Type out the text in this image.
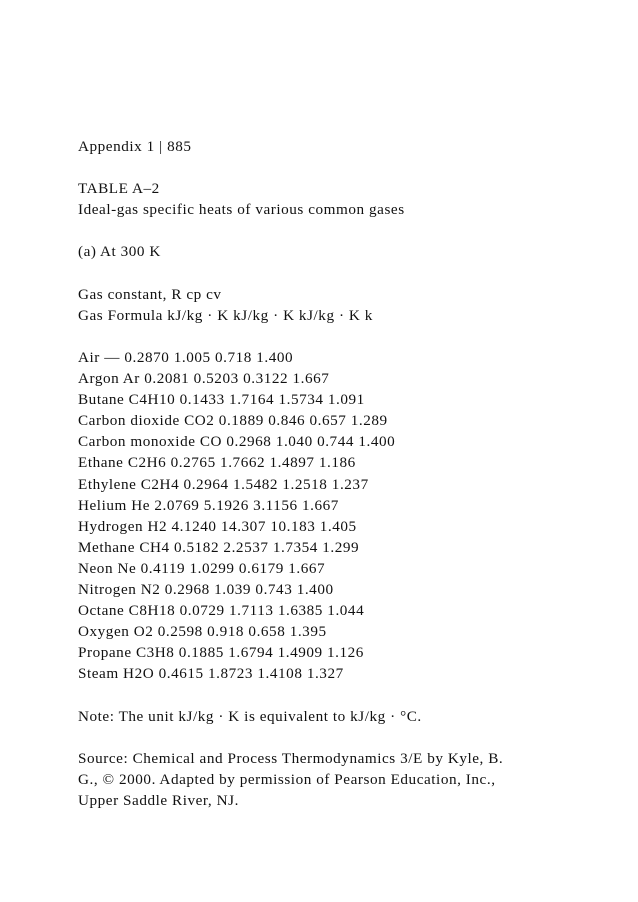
Appendix 1 | 885
TABLE A–2
Ideal-gas specific heats of various common gases
(a) At 300 K
Gas constant, R cp cv
Gas Formula kJ/kg · K kJ/kg · K kJ/kg · K k
Air — 0.2870 1.005 0.718 1.400
Argon Ar 0.2081 0.5203 0.3122 1.667
Butane C4H10 0.1433 1.7164 1.5734 1.091
Carbon dioxide CO2 0.1889 0.846 0.657 1.289
Carbon monoxide CO 0.2968 1.040 0.744 1.400
Ethane C2H6 0.2765 1.7662 1.4897 1.186
Ethylene C2H4 0.2964 1.5482 1.2518 1.237
Helium He 2.0769 5.1926 3.1156 1.667
Hydrogen H2 4.1240 14.307 10.183 1.405
Methane CH4 0.5182 2.2537 1.7354 1.299
Neon Ne 0.4119 1.0299 0.6179 1.667
Nitrogen N2 0.2968 1.039 0.743 1.400
Octane C8H18 0.0729 1.7113 1.6385 1.044
Oxygen O2 0.2598 0.918 0.658 1.395
Propane C3H8 0.1885 1.6794 1.4909 1.126
Steam H2O 0.4615 1.8723 1.4108 1.327
Note: The unit kJ/kg · K is equivalent to kJ/kg · °C.
Source: Chemical and Process Thermodynamics 3/E by Kyle, B.
G., © 2000. Adapted by permission of Pearson Education, Inc.,
Upper Saddle River, NJ.
